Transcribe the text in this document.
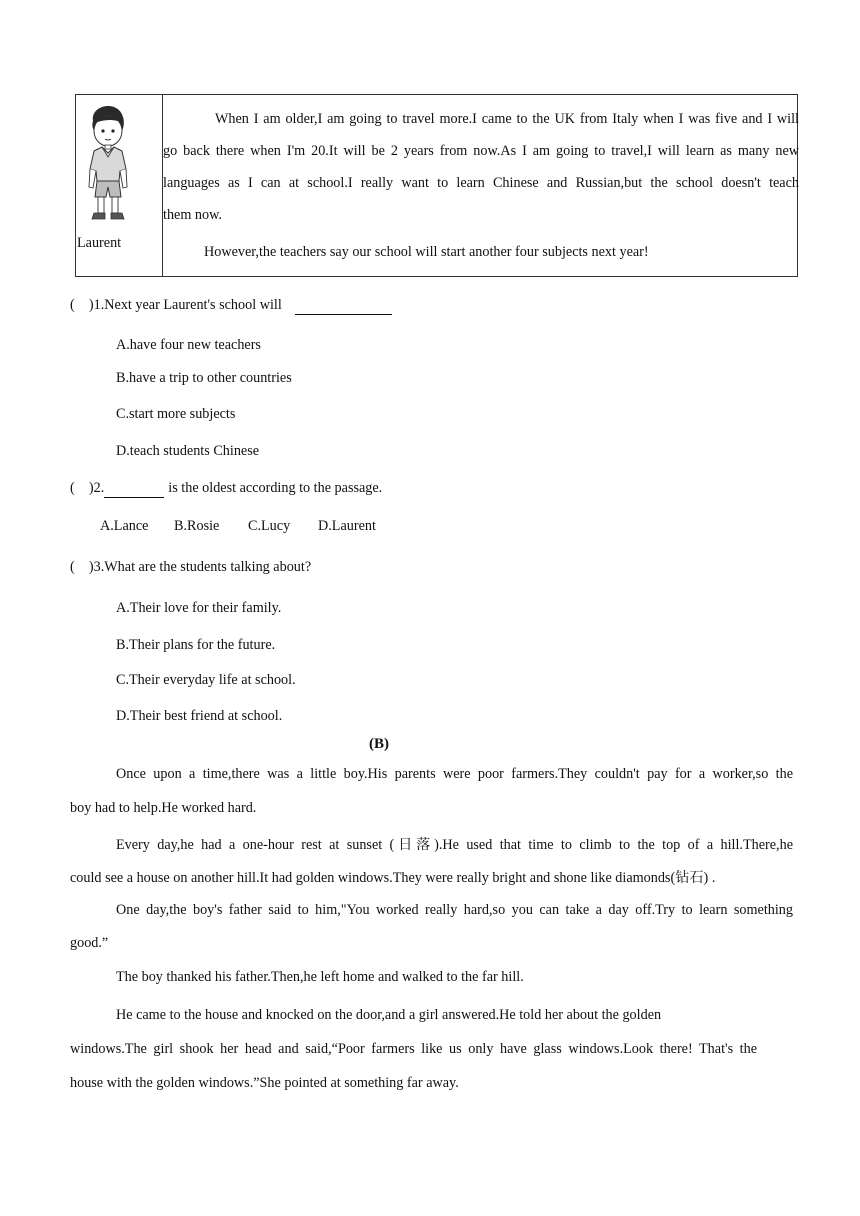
Laurent
When I am older,I am going to travel more.I came to the UK from Italy when I was five and I will
go back there when I'm 20.It will be 2 years from now.As I am going to travel,I will learn as many new
languages as I can at school.I really want to learn Chinese and Russian,but the school doesn't teach
them now.
However,the teachers say our school will start another four subjects next year!
(    )1.Next year Laurent's school will
A.have four new teachers
B.have a trip to other countries
C.start more subjects
D.teach students Chinese
(    )2.	is the oldest according to the passage.
A.Lance B.Rosie C.Lucy D.Laurent
(    )3.What are the students talking about?
A.Their love for their family.
B.Their plans for the future.
C.Their everyday life at school.
D.Their best friend at school.
(B)
Once upon a time,there was a little boy.His parents were poor farmers.They couldn't pay for a worker,so the
boy had to help.He worked hard.
Every day,he had a one-hour rest at sunset (日落).He used that time to climb to the top of a hill.There,he
could see a house on another hill.It had golden windows.They were really bright and shone like diamonds(钻石) .
One day,the boy's father said to him,"You worked really hard,so you can take a day off.Try to learn something
good.”
The boy thanked his father.Then,he left home and walked to the far hill.
He came to the house and knocked on the door,and a girl answered.He told her about the golden
windows.The girl shook her head and said,“Poor farmers like us only have glass windows.Look there! That's the
house with the golden windows.”She pointed at something far away.
